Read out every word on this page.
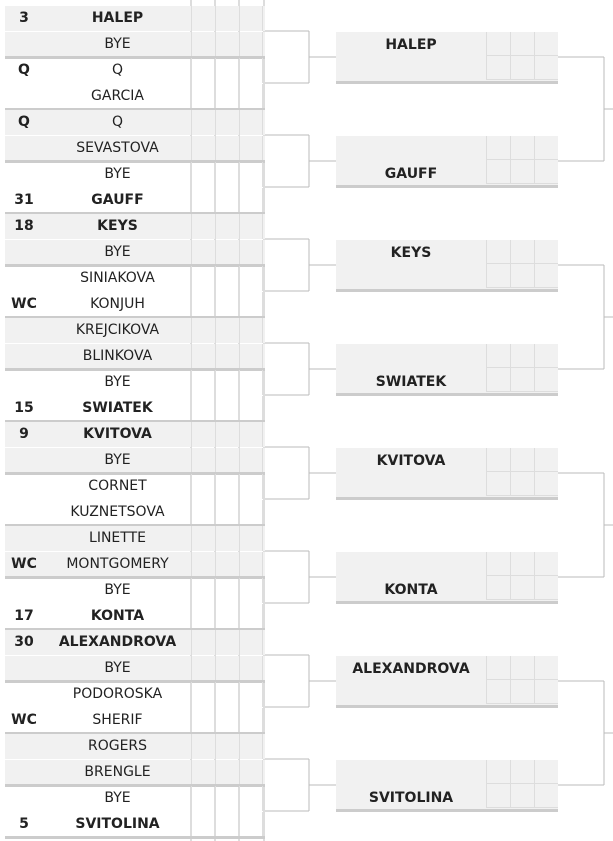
3	HALEP
BYE
Q	Q
GARCIA
Q	Q
SEVASTOVA
BYE
31	GAUFF
18	KEYS
BYE
SINIAKOVA
WC	KONJUH
KREJCIKOVA
BLINKOVA
BYE
15	SWIATEK
9	KVITOVA
BYE
CORNET
KUZNETSOVA
LINETTE
WC	MONTGOMERY
BYE
17	KONTA
30	ALEXANDROVA
BYE
PODOROSKA
WC	SHERIF
ROGERS
BRENGLE
BYE
5	SVITOLINA
HALEP
GAUFF
KEYS
SWIATEK
KVITOVA
KONTA
ALEXANDROVA
SVITOLINA
